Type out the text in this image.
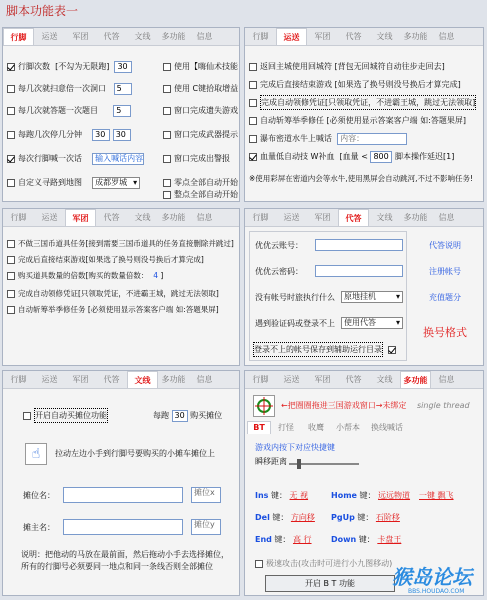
脚本功能表一
行脚	运送	军团	代答	文线	多功能	信息
行脚次数
[不勾为无限跑]
	30
每几次就扫意倍一次洞口
	5
每几次就答题一次题目
	5
每跑几次停几分钟
	30
	30
每次行脚喊一次话
	输入喊话内容
自定义寻路到地图
	成都罗城 ▾
使用【嗨仙术技能
使用 C键拾取增益
窗口完成遗失游戏
窗口完成武器提示
窗口完成出警报
零点全部自动开始
整点全部自动开始
行脚	运送	军团	代答	文线	多功能	信息
返回主城使用回城符 [背包无回城符自动往步走回去]
完成后直接结束游戏 [如果选了换号则没号换后才算完成]
完成自动领修凭证[只领取凭证，不进霸王城，跳过无法领取]
自动斩筹举季修任 [必须使用显示答案客户端 如:答题果屏]
瀑布密道水牛上喊话
	内容：
血量低自动技 W补血
[血量 <
800
脚本操作延迟[1]
※使用彩屏在密道内会等水牛,使用黑屏会自动跳河,不过不影响任务!
行脚	运送	军团	代答	文线	多功能	信息
不做三国币道具任务[接到需要三国币道具的任务直接删除并跳过]
完成后直接结束游戏[如果选了换号则没号换后才算完成]
购买道具数量的倍数[购买的数量倍数：
4 ]
完成自动领修凭证[只领取凭证，不进霸王城，跳过无法领取]
自动斩筹举季修任务 [必须使用显示答案客户端 如:答题果屏]
行脚	运送	军团	代答	文线	多功能	信息
优优云账号：
优优云密码：
没有帐号时旅执行什么	原地挂机 ▾
遇到验证码或登录不上	使用代答 ▾
登录不上的帐号保存到辅助运行目录

代答说明
注册帐号
充值题分
换号格式
行脚	运送	军团	代答	文线	多功能	信息
开启自动买摊位功能	每跑
30
购买摊位
☝	拉动左边小手到行脚号要购买的小摊车摊位上
摊位名：	摊位x
摊主名：	摊位y
说明：把他动的马放在最前面，然后拖动小手去选择摊位，所有的行脚号必须要同一地点和同一条线否则全部摊位
行脚	运送	军团	代答	文线	多功能	信息
←把圈圈拖进三国游戏窗口→未绑定 single thread
BT	打怪	收鹰	小帮本	换线喊话
游戏内按下对应快捷键
瞬移距离
Ins 键： 无 视	Home 键： 远远物道 一键 飘飞
Del 键： 方向移 PgUp 键： 石阶移
End 键： 高 行 Down 键： 卡盘王
极速攻击(攻击时可进行小九图移动)
开启 B T 功能	猴岛论坛
BBS.HOUDAO.COM
